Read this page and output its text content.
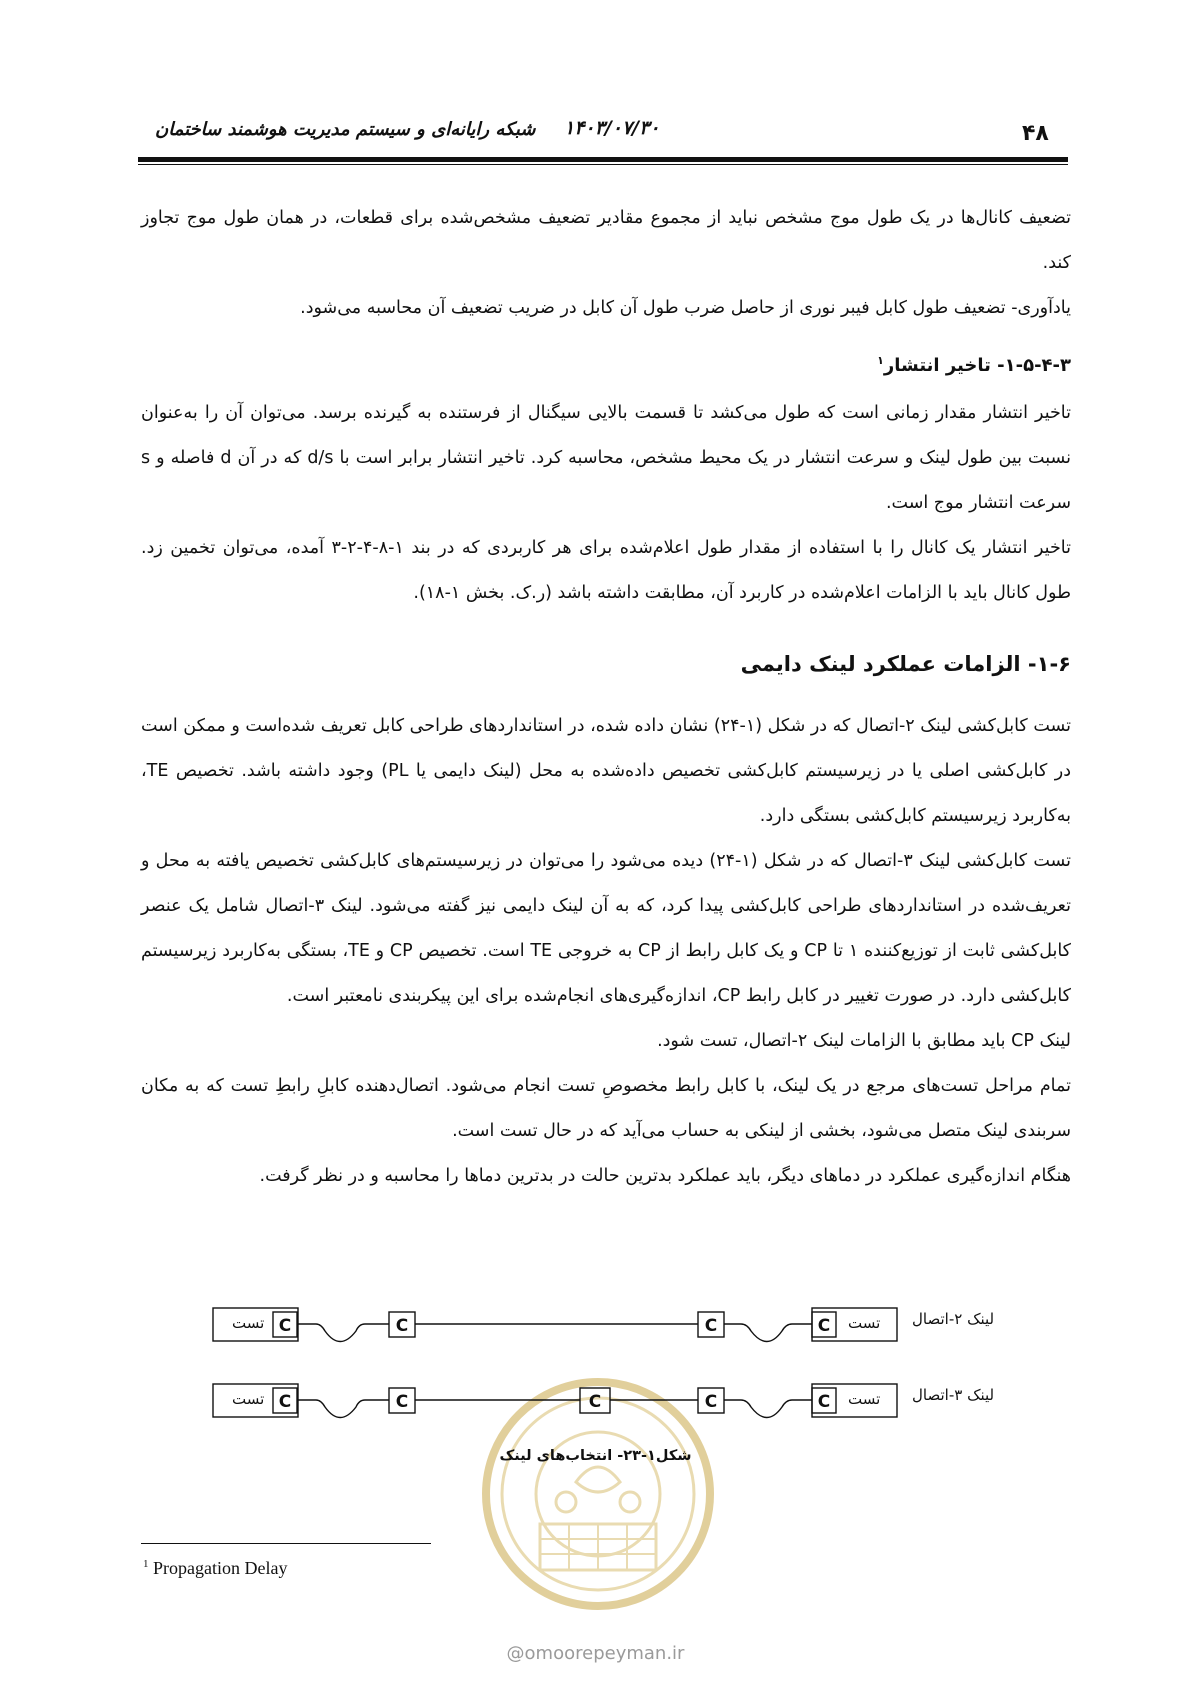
۴۸
۱۴۰۳/۰۷/۳۰
شبکه رایانه‌ای و سیستم مدیریت هوشمند ساختمان

تضعیف کانال‌ها در یک طول موج مشخص نباید از مجموع مقادیر تضعیف مشخص‌شده برای قطعات، در همان طول موج تجاوز کند.

یادآوری- تضعیف طول کابل فیبر نوری از حاصل ضرب طول آن کابل در ضریب تضعیف آن محاسبه می‌شود.

۱-۵-۴-۳- تاخیر انتشار$^۱$

تاخیر انتشار مقدار زمانی است که طول می‌کشد تا قسمت بالایی سیگنال از فرستنده به گیرنده برسد. می‌توان آن را به‌عنوان نسبت بین طول لینک و سرعت انتشار در یک محیط مشخص، محاسبه کرد. تاخیر انتشار برابر است با d/s که در آن d فاصله و s سرعت انتشار موج است.

تاخیر انتشار یک کانال را با استفاده از مقدار طول اعلام‌شده برای هر کاربردی که در بند ۱-۸-۴-۲-۳ آمده، می‌توان تخمین زد. طول کانال باید با الزامات اعلام‌شده در کاربرد آن، مطابقت داشته باشد (ر.ک. بخش ۱-۱۸).

۱-۶- الزامات عملکرد لینک دایمی

تست کابل‌کشی لینک ۲-اتصال که در شکل (۱-۲۴) نشان داده شده، در استانداردهای طراحی کابل تعریف شده‌است و ممکن است در کابل‌کشی اصلی یا در زیرسیستم کابل‌کشی تخصیص داده‌شده به محل (لینک دایمی یا PL) وجود داشته باشد. تخصیص TE، به‌کاربرد زیرسیستم کابل‌کشی بستگی دارد.

تست کابل‌کشی لینک ۳-اتصال که در شکل (۱-۲۴) دیده می‌شود را می‌توان در زیرسیستم‌های کابل‌کشی تخصیص یافته به محل و تعریف‌شده در استانداردهای طراحی کابل‌کشی پیدا کرد، که به آن لینک دایمی نیز گفته می‌شود. لینک ۳-اتصال شامل یک عنصر کابل‌کشی ثابت از توزیع‌کننده ۱ تا CP و یک کابل رابط از CP به خروجی TE است. تخصیص CP و TE، بستگی به‌کاربرد زیرسیستم کابل‌کشی دارد. در صورت تغییر در کابل رابط CP، اندازه‌گیری‌های انجام‌شده برای این پیکربندی نامعتبر است.

لینک CP باید مطابق با الزامات لینک ۲-اتصال، تست شود.

تمام مراحل تست‌های مرجع در یک لینک، با کابل رابط مخصوصِ تست انجام می‌شود. اتصال‌دهنده کابلِ رابطِ تست که به مکان سربندی لینک متصل می‌شود، بخشی از لینکی به حساب می‌آید که در حال تست است.

هنگام اندازه‌گیری عملکرد در دماهای دیگر، باید عملکرد بدترین حالت در بدترین دماها را محاسبه و در نظر گرفت.

C	C	C	C
C	C	C	C	C
تست	تست
تست	تست
لینک ۲-اتصال
لینک ۳-اتصال
شکل۱-۲۳- انتخاب‌های لینک
$^1$ Propagation Delay
@omoorepeyman.ir
